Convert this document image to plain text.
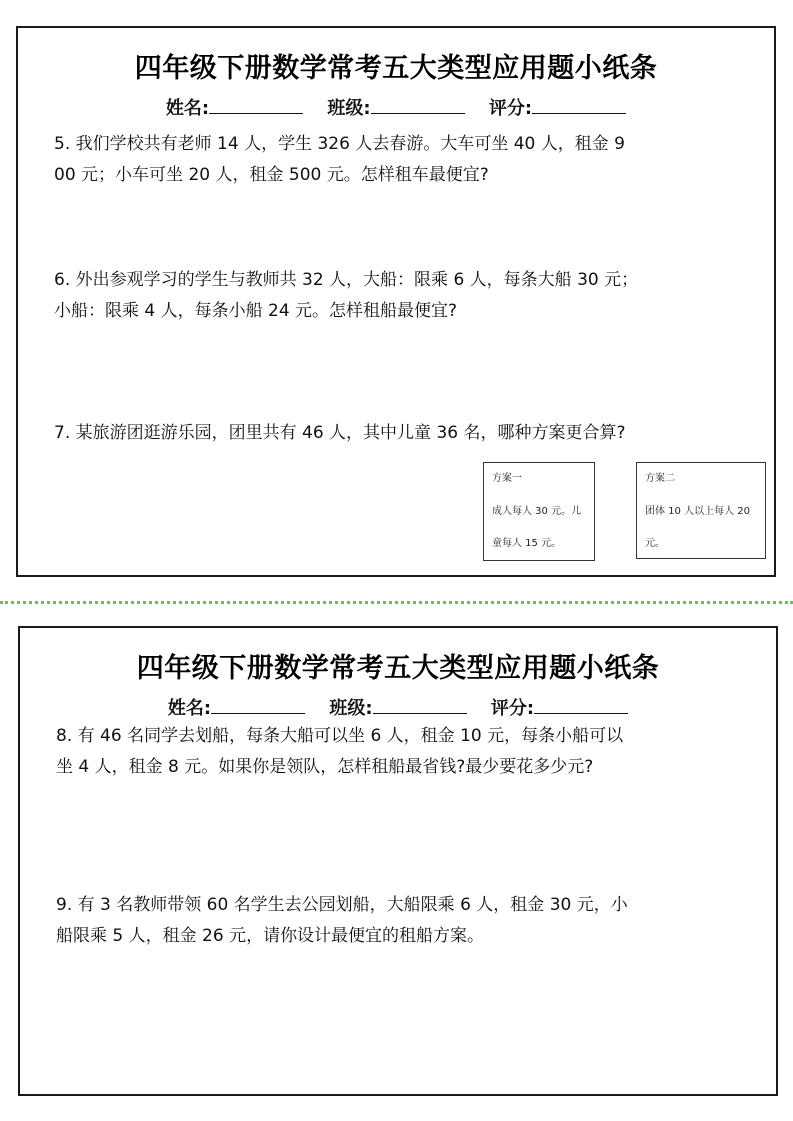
四年级下册数学常考五大类型应用题小纸条
姓名:	班级:	评分:
5. 我们学校共有老师 14 人，学生 326 人去春游。大车可坐 40 人，租金 9
00 元；小车可坐 20 人，租金 500 元。怎样租车最便宜?
6. 外出参观学习的学生与教师共 32 人，大船：限乘 6 人，每条大船 30 元；
小船：限乘 4 人，每条小船 24 元。怎样租船最便宜?
7. 某旅游团逛游乐园，团里共有 46 人，其中儿童 36 名，哪种方案更合算?
方案一
成人每人 30 元。儿
童每人 15 元。
方案二
团体 10 人以上每人 20
元。
四年级下册数学常考五大类型应用题小纸条
姓名:	班级:	评分:
8. 有 46 名同学去划船，每条大船可以坐 6 人，租金 10 元，每条小船可以
坐 4 人，租金 8 元。如果你是领队，怎样租船最省钱?最少要花多少元?
9. 有 3 名教师带领 60 名学生去公园划船，大船限乘 6 人，租金 30 元，小
船限乘 5 人，租金 26 元，请你设计最便宜的租船方案。
